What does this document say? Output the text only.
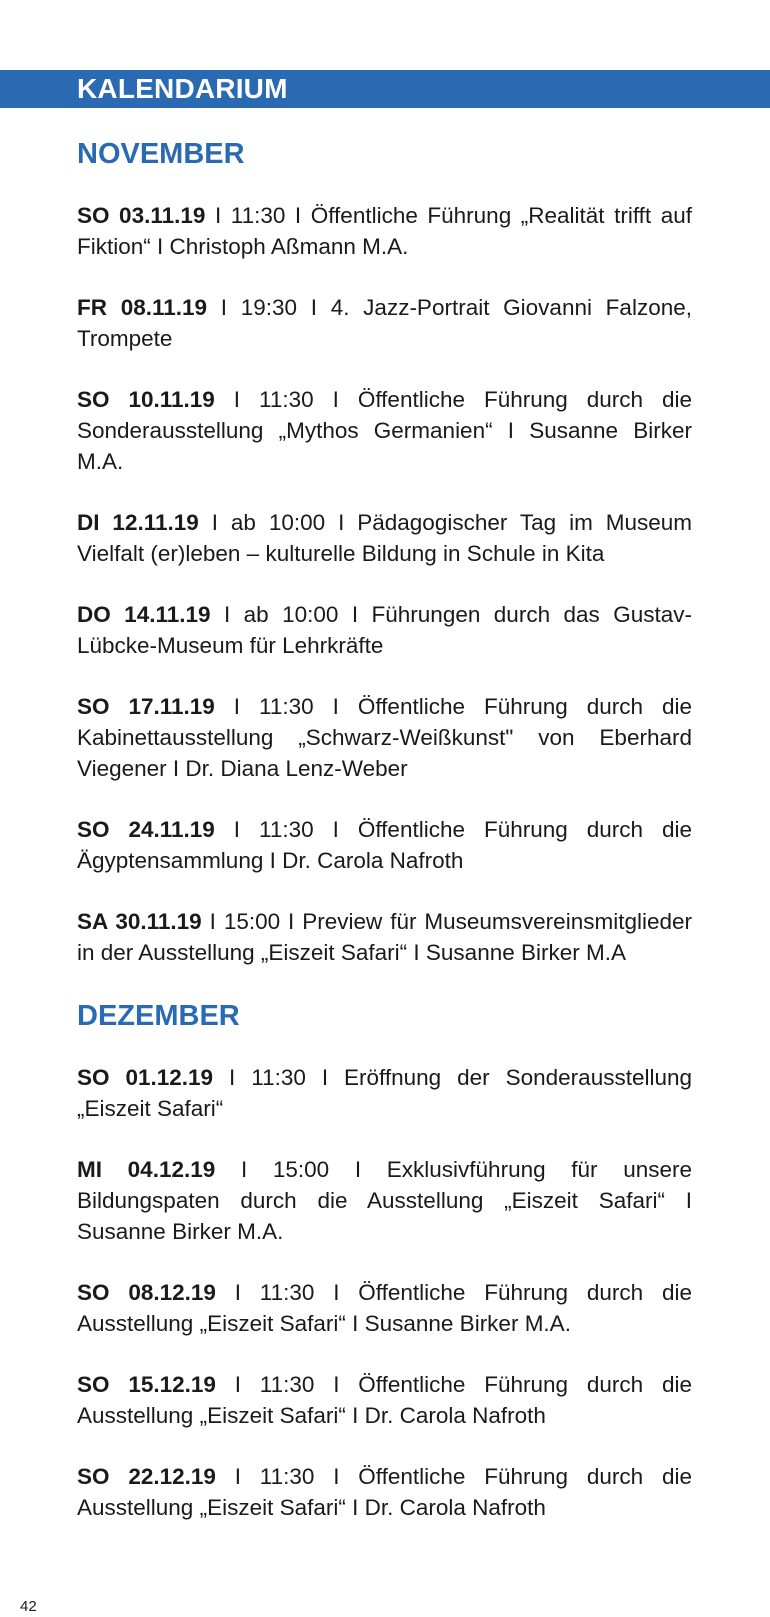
KALENDARIUM
NOVEMBER

SO 03.11.19 I 11:30 I Öffentliche Führung „Realität trifft auf Fiktion“ I Christoph Aßmann M.A.

FR 08.11.19 I 19:30 I 4. Jazz-Portrait Giovanni Falzone, Trompete

SO 10.11.19 I 11:30 I Öffentliche Führung durch die Sonderausstellung „Mythos Germanien“ I Susanne Birker M.A.

DI 12.11.19 I ab 10:00 I Pädagogischer Tag im Museum Vielfalt (er)leben – kulturelle Bildung in Schule in Kita

DO 14.11.19 I ab 10:00 I Führungen durch das Gustav-Lübcke-Museum für Lehrkräfte

SO 17.11.19 I 11:30 I Öffentliche Führung durch die Kabinettausstellung „Schwarz-Weißkunst" von Eberhard Viegener I Dr. Diana Lenz-Weber

SO 24.11.19 I 11:30 I Öffentliche Führung durch die Ägyptensammlung I Dr. Carola Nafroth

SA 30.11.19 I 15:00 I Preview für Museumsvereinsmitglieder in der Ausstellung „Eiszeit Safari“ I Susanne Birker M.A

DEZEMBER

SO 01.12.19 I 11:30 I Eröffnung der Sonderausstellung „Eiszeit Safari“

MI 04.12.19 I 15:00 I Exklusivführung für unsere Bildungspaten durch die Ausstellung „Eiszeit Safari“ I Susanne Birker M.A.

SO 08.12.19 I 11:30 I Öffentliche Führung durch die Ausstellung „Eiszeit Safari“ I Susanne Birker M.A.

SO 15.12.19 I 11:30 I Öffentliche Führung durch die Ausstellung „Eiszeit Safari“ I Dr. Carola Nafroth

SO 22.12.19 I 11:30 I Öffentliche Führung durch die Ausstellung „Eiszeit Safari“ I Dr. Carola Nafroth

42
